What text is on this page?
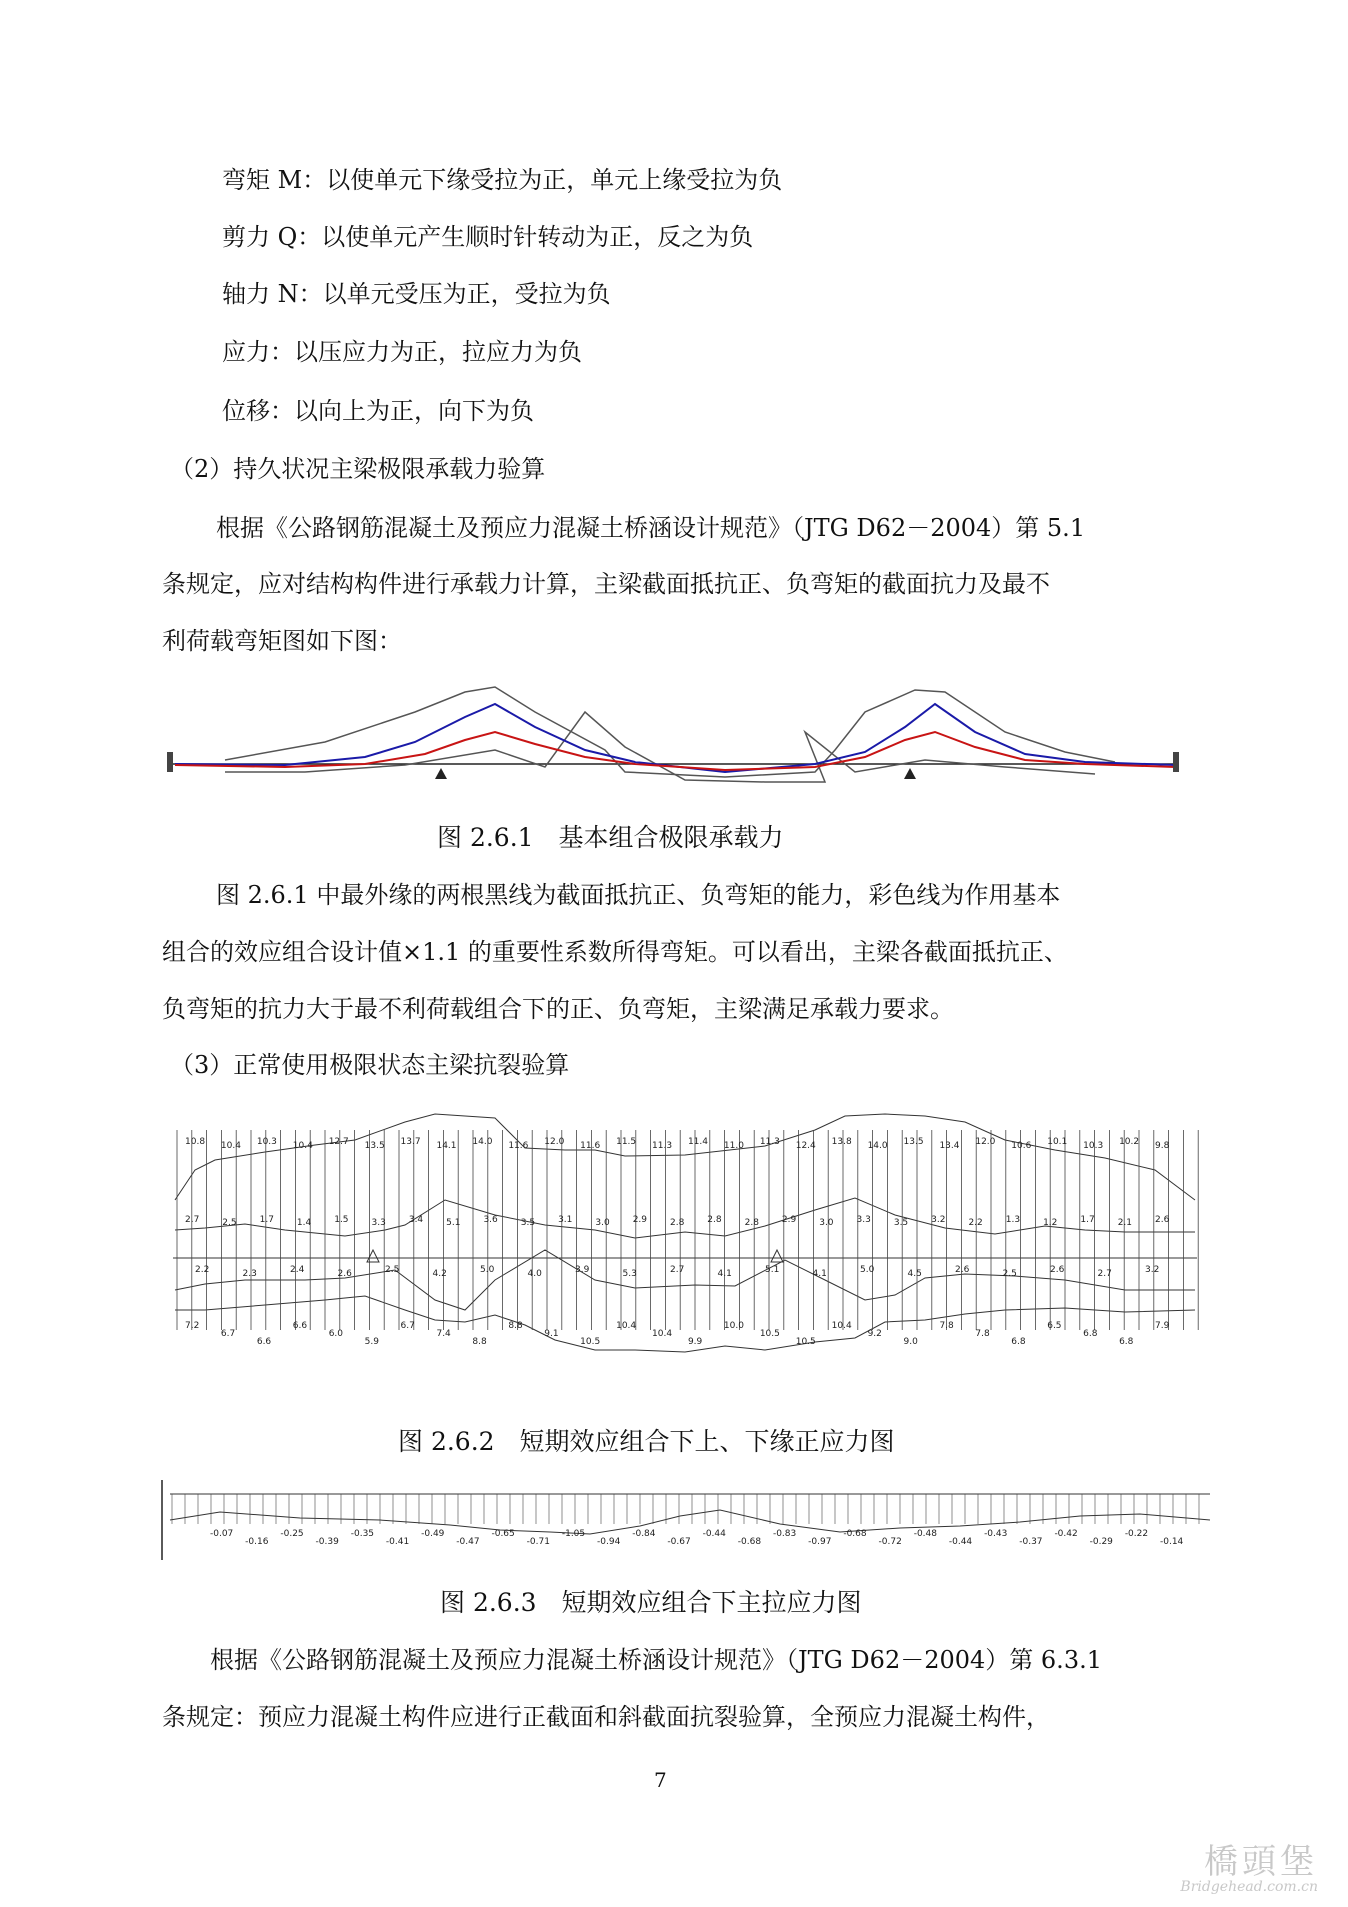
弯矩 M：以使单元下缘受拉为正，单元上缘受拉为负
剪力 Q：以使单元产生顺时针转动为正，反之为负
轴力 N：以单元受压为正，受拉为负
应力：以压应力为正，拉应力为负
位移：以向上为正，向下为负
（2）持久状况主梁极限承载力验算
根据《公路钢筋混凝土及预应力混凝土桥涵设计规范》（JTG D62－2004）第 5.1
条规定，应对结构构件进行承载力计算，主梁截面抵抗正、负弯矩的截面抗力及最不
利荷载弯矩图如下图：
图 2.6.1　基本组合极限承载力
图 2.6.1 中最外缘的两根黑线为截面抵抗正、负弯矩的能力，彩色线为作用基本
组合的效应组合设计值×1.1 的重要性系数所得弯矩。可以看出，主梁各截面抵抗正、
负弯矩的抗力大于最不利荷载组合下的正、负弯矩，主梁满足承载力要求。
（3）正常使用极限状态主梁抗裂验算
10.8 10.4 10.3 10.4 12.7 13.5 13.7 14.1 14.0 11.6 12.0 11.6 11.5 11.3 11.4 11.0 11.3 12.4 13.8 14.0 13.5 13.4 12.0 10.6 10.1 10.3 10.2 9.8
2.7	2.5	1.7	1.4	1.5	3.3	3.4	5.1	3.6	3.5	3.1	3.0	2.9	2.8	2.8	2.8	2.9	3.0	3.3	3.5	3.2	2.2	1.3	1.2	1.7	2.1	2.6
2.2	2.3	2.4	2.6	2.5	4.2	5.0	4.0	3.9	5.3	2.7	4.1	5.1	4.1	5.0	4.5	2.6	2.5	2.6	2.7	3.2
7.2
6.7
6.6
6.6
6.0
5.9
6.7
7.4
8.8
8.8
9.1
10.5
10.4
10.4
9.9
10.0
10.5
10.5
10.4
9.2
9.0
7.8
7.8
6.8
6.5
6.8
6.8
7.9
图 2.6.2　短期效应组合下上、下缘正应力图
-0.07
-0.16
-0.25
-0.39
-0.35
-0.41
-0.49
-0.47
-0.65
-0.71
-1.05
-0.94
-0.84
-0.67
-0.44
-0.68
-0.83
-0.97
-0.68
-0.72
-0.48
-0.44
-0.43
-0.37
-0.42
-0.29
-0.22
-0.14
图 2.6.3　短期效应组合下主拉应力图
根据《公路钢筋混凝土及预应力混凝土桥涵设计规范》（JTG D62－2004）第 6.3.1
条规定：预应力混凝土构件应进行正截面和斜截面抗裂验算，全预应力混凝土构件，
7
橋頭堡
Bridgehead.com.cn
